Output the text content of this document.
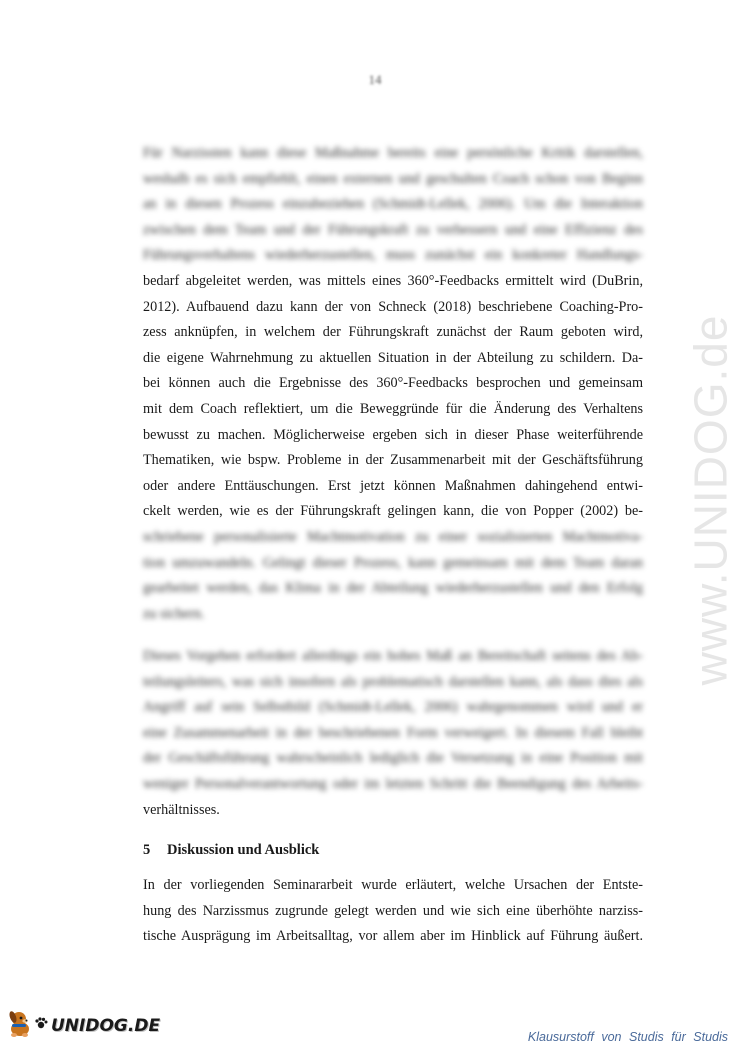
14
Für Narzissten kann diese Maßnahme bereits eine persönliche Kritik darstellen,
weshalb es sich empfiehlt, einen externen und geschulten Coach schon von Beginn
an in diesen Prozess einzubeziehen (Schmidt-Lellek, 2006). Um die Interaktion
zwischen dem Team und der Führungskraft zu verbessern und eine Effizienz des
Führungsverhaltens wiederherzustellen, muss zunächst ein konkreter Handlungs-
bedarf abgeleitet werden, was mittels eines 360°-Feedbacks ermittelt wird (DuBrin,
2012). Aufbauend dazu kann der von Schneck (2018) beschriebene Coaching-Pro-
zess anknüpfen, in welchem der Führungskraft zunächst der Raum geboten wird,
die eigene Wahrnehmung zu aktuellen Situation in der Abteilung zu schildern. Da-
bei können auch die Ergebnisse des 360°-Feedbacks besprochen und gemeinsam
mit dem Coach reflektiert, um die Beweggründe für die Änderung des Verhaltens
bewusst zu machen. Möglicherweise ergeben sich in dieser Phase weiterführende
Thematiken, wie bspw. Probleme in der Zusammenarbeit mit der Geschäftsführung
oder andere Enttäuschungen. Erst jetzt können Maßnahmen dahingehend entwi-
ckelt werden, wie es der Führungskraft gelingen kann, die von Popper (2002) be-
schriebene personalisierte Machtmotivation zu einer sozialisierten Machtmotiva-
tion umzuwandeln. Gelingt dieser Prozess, kann gemeinsam mit dem Team daran
gearbeitet werden, das Klima in der Abteilung wiederherzustellen und den Erfolg
zu sichern.
Dieses Vorgehen erfordert allerdings ein hohes Maß an Bereitschaft seitens des Ab-
teilungsleiters, was sich insofern als problematisch darstellen kann, als dass dies als
Angriff auf sein Selbstbild (Schmidt-Lellek, 2006) wahrgenommen wird und er
eine Zusammenarbeit in der beschriebenen Form verweigert. In diesem Fall bleibt
der Geschäftsführung wahrscheinlich lediglich die Versetzung in eine Position mit
weniger Personalverantwortung oder im letzten Schritt die Beendigung des Arbeits-
verhältnisses.
5 Diskussion und Ausblick
In der vorliegenden Seminararbeit wurde erläutert, welche Ursachen der Entste-
hung des Narzissmus zugrunde gelegt werden und wie sich eine überhöhte narziss-
tische Ausprägung im Arbeitsalltag, vor allem aber im Hinblick auf Führung äußert.
www.UNIDOG.de
UNIDOG.DE
Klausurstoff von Studis für Studis
